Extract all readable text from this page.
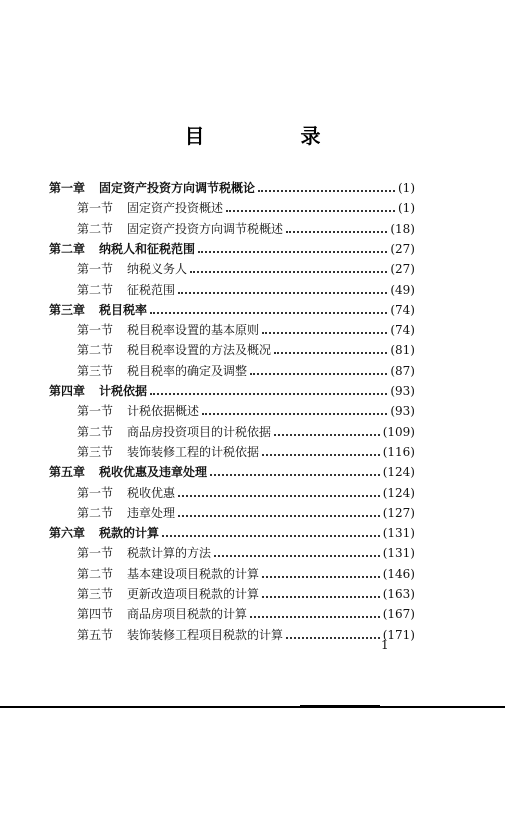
目　录
第一章 固定资产投资方向调节税概论	(1)
第一节 固定资产投资概述	(1)
第二节 固定资产投资方向调节税概述	(18)
第二章 纳税人和征税范围	(27)
第一节 纳税义务人	(27)
第二节 征税范围	(49)
第三章 税目税率	(74)
第一节 税目税率设置的基本原则	(74)
第二节 税目税率设置的方法及概况	(81)
第三节 税目税率的确定及调整	(87)
第四章 计税依据	(93)
第一节 计税依据概述	(93)
第二节 商品房投资项目的计税依据	(109)
第三节 装饰装修工程的计税依据	(116)
第五章 税收优惠及违章处理	(124)
第一节 税收优惠	(124)
第二节 违章处理	(127)
第六章 税款的计算	(131)
第一节 税款计算的方法	(131)
第二节 基本建设项目税款的计算	(146)
第三节 更新改造项目税款的计算	(163)
第四节 商品房项目税款的计算	(167)
第五节 装饰装修工程项目税款的计算	(171)
1
